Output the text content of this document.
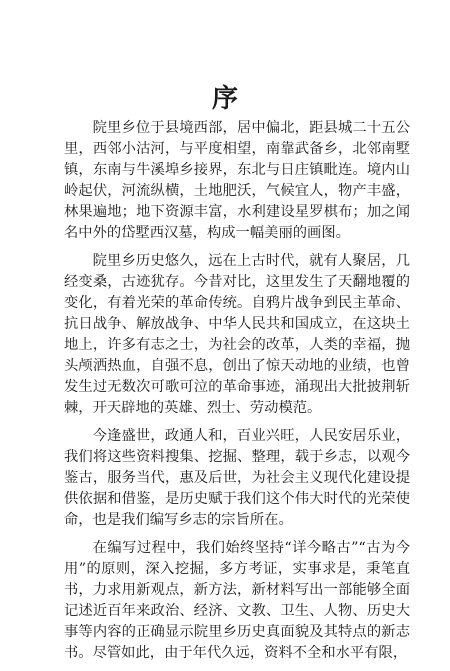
序

院里乡位于县境西部，居中偏北，距县城二十五公里，西邻小沽河，与平度相望，南靠武备乡，北邻南墅镇，东南与牛溪埠乡接界，东北与日庄镇毗连。境内山岭起伏，河流纵横，土地肥沃，气候宜人，物产丰盛，林果遍地；地下资源丰富，水利建设星罗棋布；加之闻名中外的岱墅西汉墓，构成一幅美丽的画图。

院里乡历史悠久，远在上古时代，就有人聚居，几经变桑，古迹犹存。今昔对比，这里发生了天翻地覆的变化，有着光荣的革命传统。自鸦片战争到民主革命、抗日战争、解放战争、中华人民共和国成立，在这块土地上，许多有志之士，为社会的改革，人类的幸福，抛头颅洒热血，自强不息，创出了惊天动地的业绩，也曾发生过无数次可歌可泣的革命事迹，涌现出大批披荆斩棘，开天辟地的英雄、烈士、劳动模范。

今逢盛世，政通人和，百业兴旺，人民安居乐业，我们将这些资料搜集、挖掘、整理，载于乡志，以观今鉴古，服务当代，惠及后世，为社会主义现代化建设提供依据和借鉴，是历史赋于我们这个伟大时代的光荣使命，也是我们编写乡志的宗旨所在。

在编写过程中，我们始终坚持“详今略古”“古为今用”的原则，深入挖掘，多方考证，实事求是，秉笔直书，力求用新观点，新方法，新材料写出一部能够全面记述近百年来政治、经济、文教、卫生、人物、历史大事等内容的正确显示院里乡历史真面貌及其特点的新志书。尽管如此，由于年代久远，资料不全和水平有限，
